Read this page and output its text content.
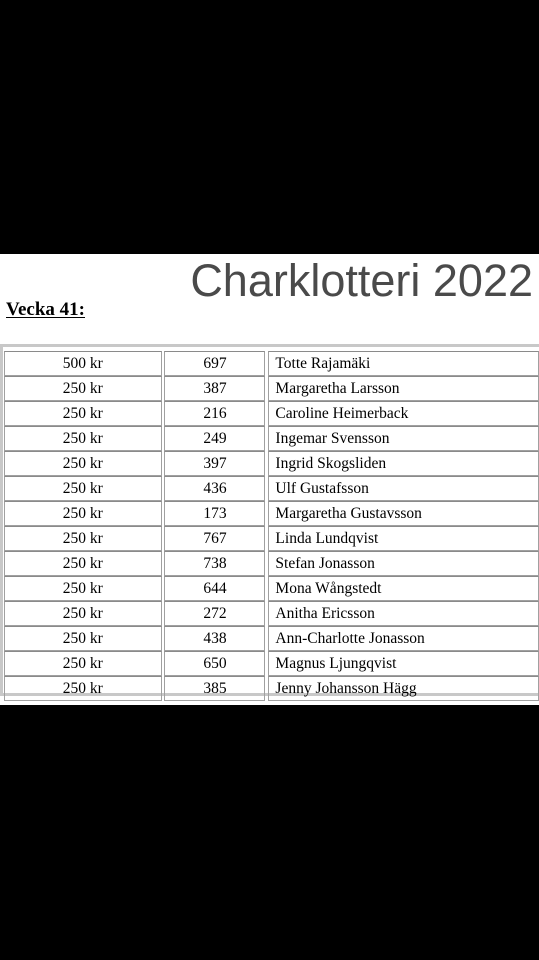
Charklotteri 2022
Vecka 41:
500 kr		697		Totte Rajamäki
250 kr		387		Margaretha Larsson
250 kr		216		Caroline Heimerback
250 kr		249		Ingemar Svensson
250 kr		397		Ingrid Skogsliden
250 kr		436		Ulf Gustafsson
250 kr		173		Margaretha Gustavsson
250 kr		767		Linda Lundqvist
250 kr		738		Stefan Jonasson
250 kr		644		Mona Wångstedt
250 kr		272		Anitha Ericsson
250 kr		438		Ann-Charlotte Jonasson
250 kr		650		Magnus Ljungqvist
250 kr		385		Jenny Johansson Hägg
